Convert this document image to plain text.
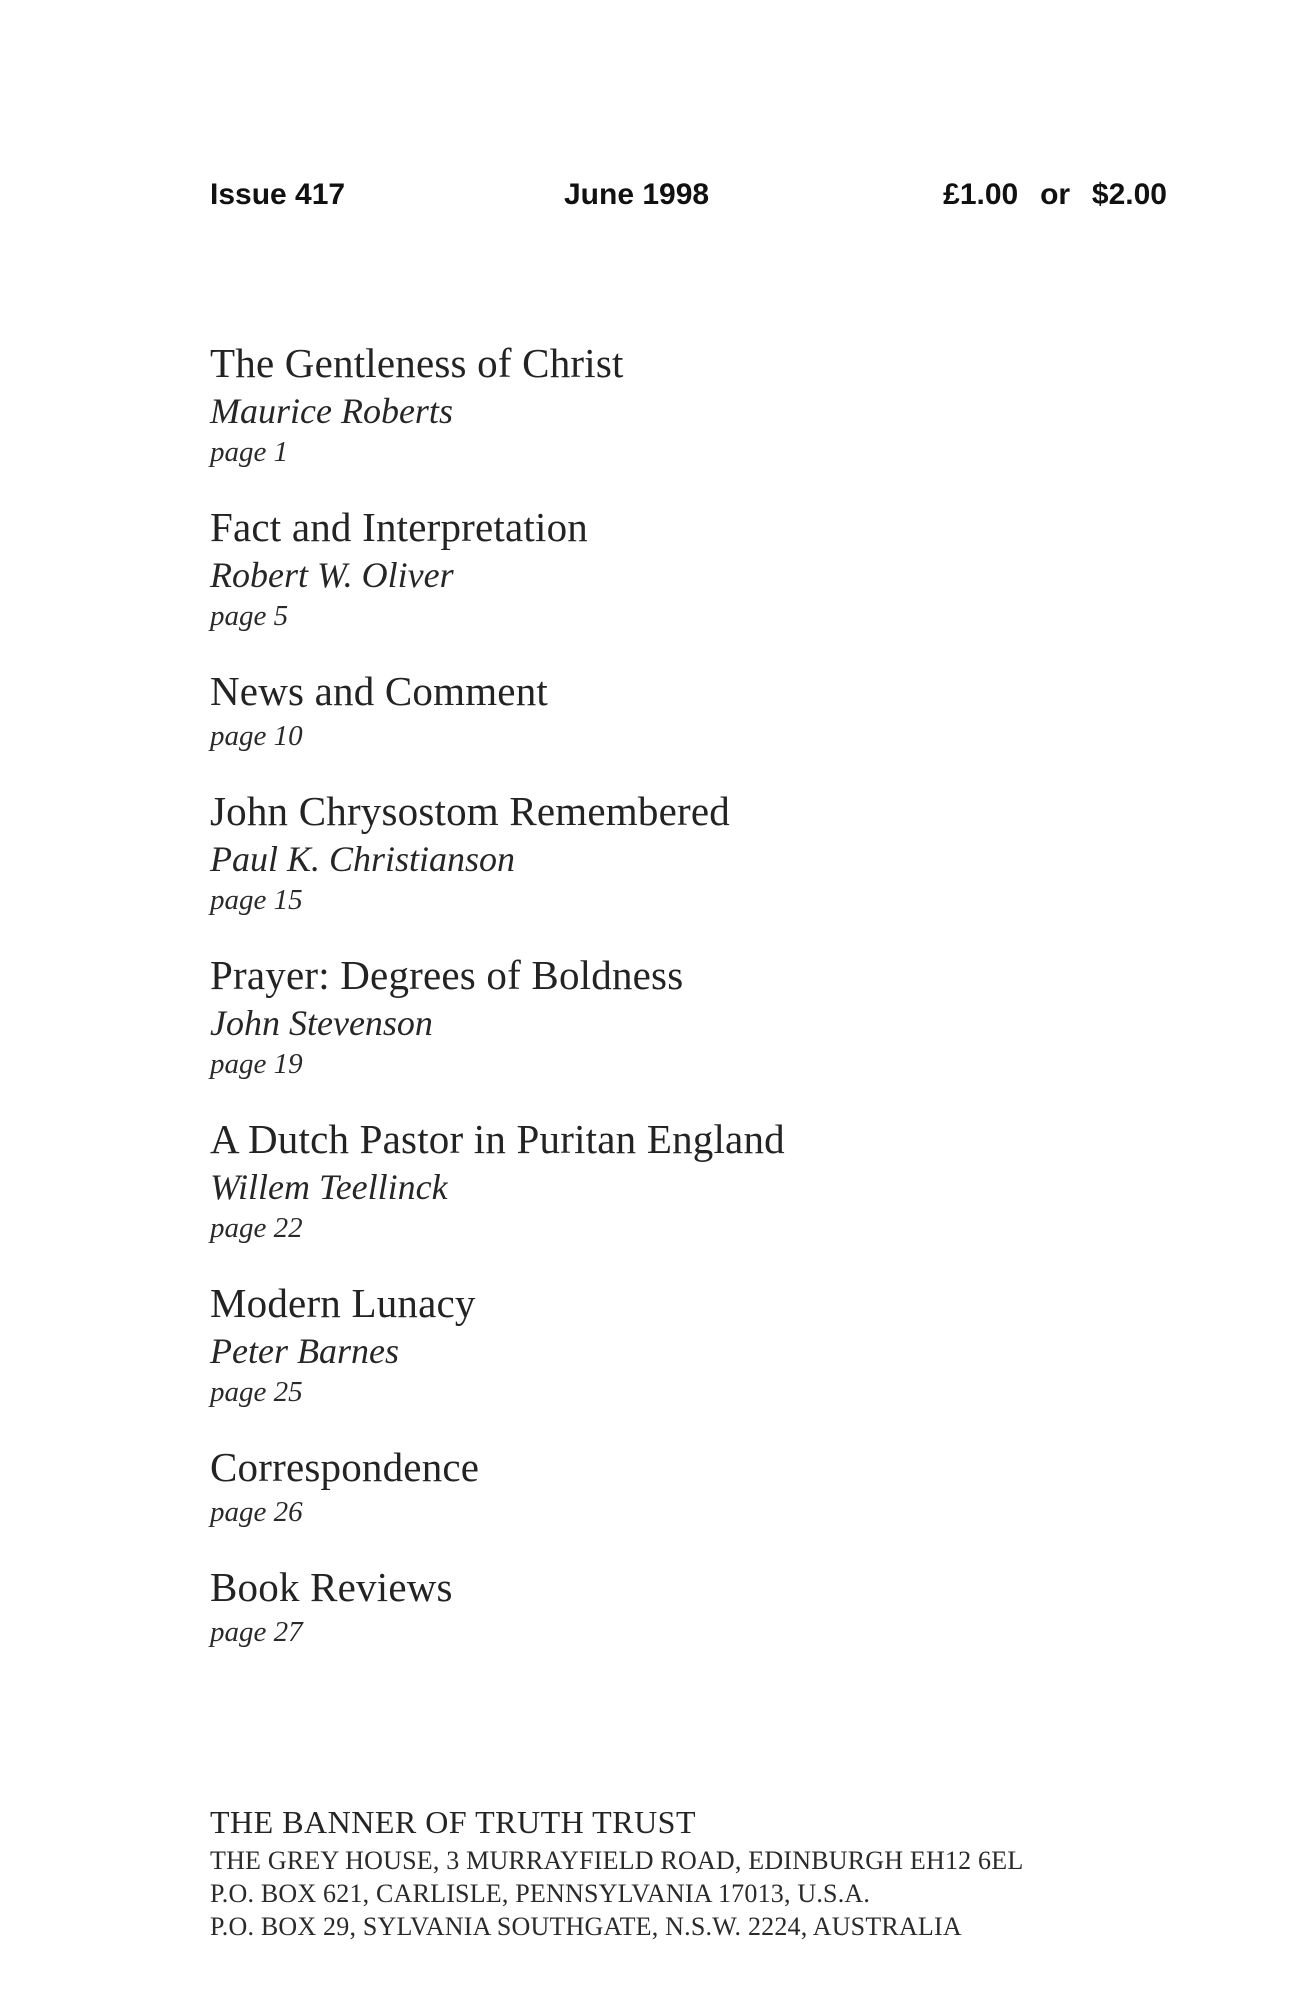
Issue 417	June 1998	£1.00 or $2.00
The Gentleness of Christ
Maurice Roberts
page 1
Fact and Interpretation
Robert W. Oliver
page 5
News and Comment
page 10
John Chrysostom Remembered
Paul K. Christianson
page 15
Prayer: Degrees of Boldness
John Stevenson
page 19
A Dutch Pastor in Puritan England
Willem Teellinck
page 22
Modern Lunacy
Peter Barnes
page 25
Correspondence
page 26
Book Reviews
page 27
THE BANNER OF TRUTH TRUST
THE GREY HOUSE, 3 MURRAYFIELD ROAD, EDINBURGH EH12 6EL
P.O. BOX 621, CARLISLE, PENNSYLVANIA 17013, U.S.A.
P.O. BOX 29, SYLVANIA SOUTHGATE, N.S.W. 2224, AUSTRALIA
